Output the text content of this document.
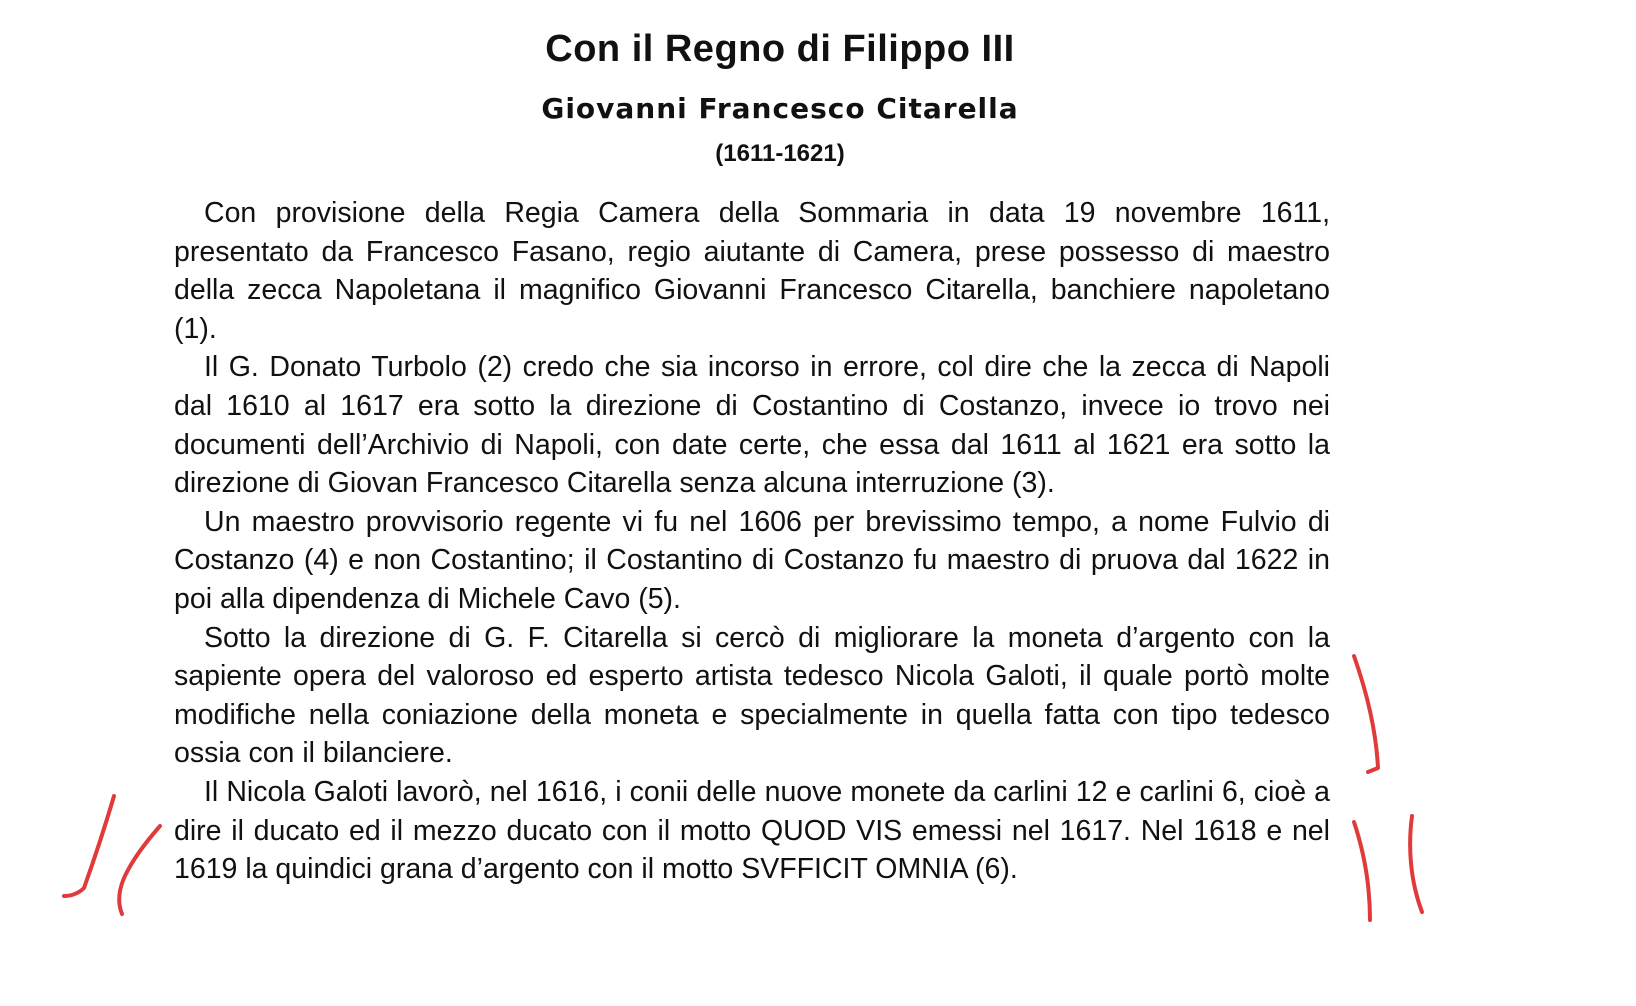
Con il Regno di Filippo III
Giovanni Francesco Citarella
(1611-1621)

Con provisione della Regia Camera della Sommaria in data 19 novembre 1611, presentato da Francesco Fasano, regio aiutante di Camera, prese possesso di maestro della zecca Napoletana il magnifico Giovanni Francesco Citarella, banchiere napoletano (1).

Il G. Donato Turbolo (2) credo che sia incorso in errore, col dire che la zecca di Napoli dal 1610 al 1617 era sotto la direzione di Costantino di Costanzo, invece io trovo nei documenti dell’Archivio di Napoli, con date certe, che essa dal 1611 al 1621 era sotto la direzione di Giovan Francesco Citarella senza alcuna interruzione (3).

Un maestro provvisorio regente vi fu nel 1606 per brevissimo tempo, a nome Fulvio di Costanzo (4) e non Costantino; il Costantino di Costanzo fu maestro di pruova dal 1622 in poi alla dipendenza di Michele Cavo (5).

Sotto la direzione di G. F. Citarella si cercò di migliorare la moneta d’argento con la sapiente opera del valoroso ed esperto artista tedesco Nicola Galoti, il quale portò molte modifiche nella coniazione della moneta e specialmente in quella fatta con tipo tedesco ossia con il bilanciere.

Il Nicola Galoti lavorò, nel 1616, i conii delle nuove monete da carlini 12 e carlini 6, cioè a dire il ducato ed il mezzo ducato con il motto QUOD VIS emessi nel 1617. Nel 1618 e nel 1619 la quindici grana d’argento con il motto SVFFICIT OMNIA (6).
